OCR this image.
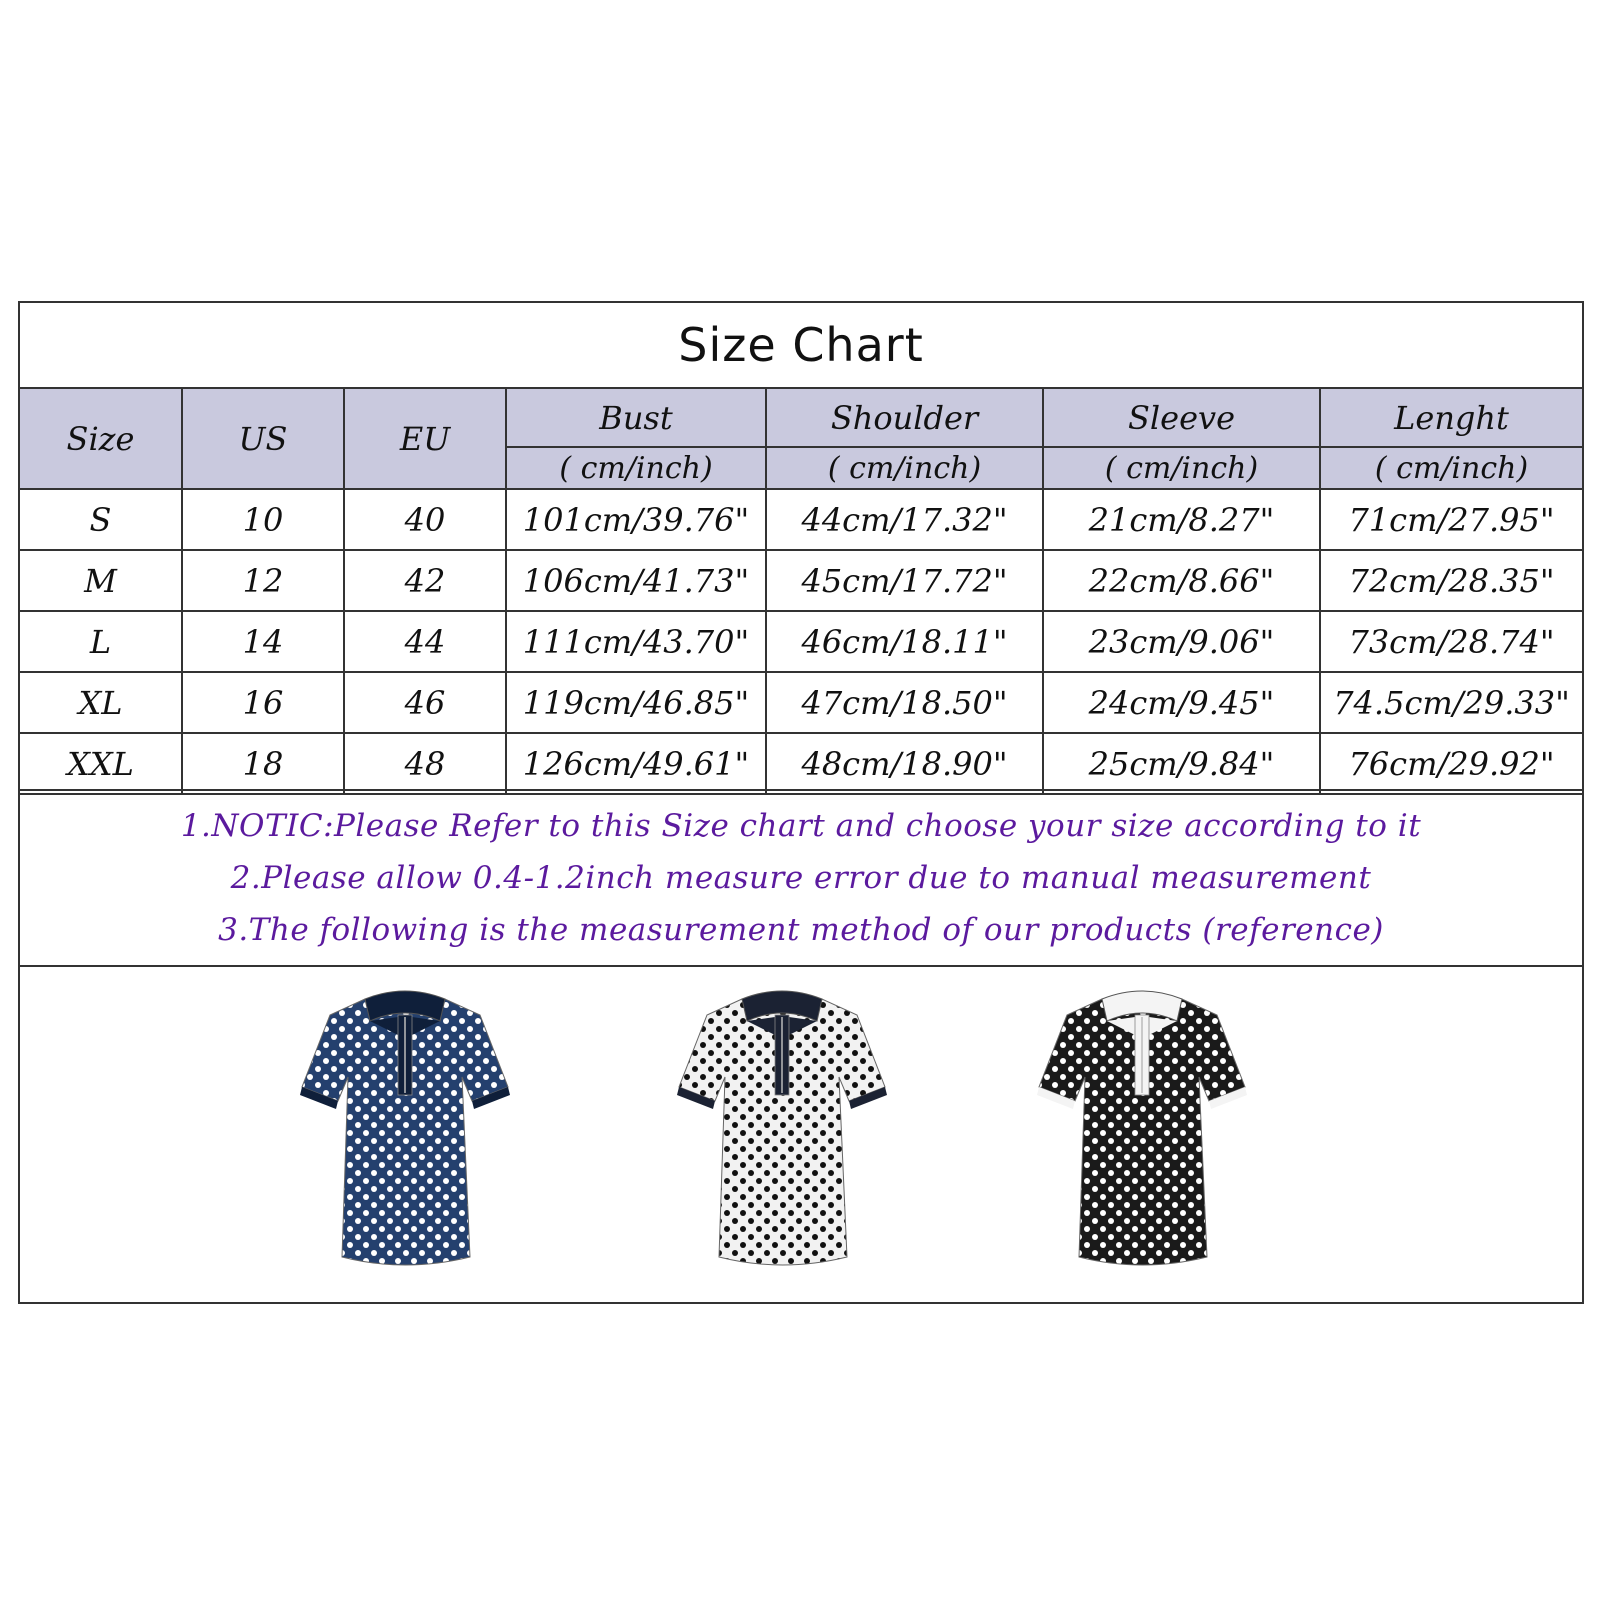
Size Chart
Size	US	EU	Bust	Shoulder	Sleeve	Lenght
			( cm/inch)	( cm/inch)	( cm/inch)	( cm/inch)
S	10	40	101cm/39.76"	44cm/17.32"	21cm/8.27"	71cm/27.95"
M	12	42	106cm/41.73"	45cm/17.72"	22cm/8.66"	72cm/28.35"
L	14	44	111cm/43.70"	46cm/18.11"	23cm/9.06"	73cm/28.74"
XL	16	46	119cm/46.85"	47cm/18.50"	24cm/9.45"	74.5cm/29.33"
XXL	18	48	126cm/49.61"	48cm/18.90"	25cm/9.84"	76cm/29.92"
1.NOTIC:Please Refer to this Size chart and choose your size according to it
2.Please allow 0.4-1.2inch measure error due to manual measurement
3.The following is the measurement method of our products (reference)
